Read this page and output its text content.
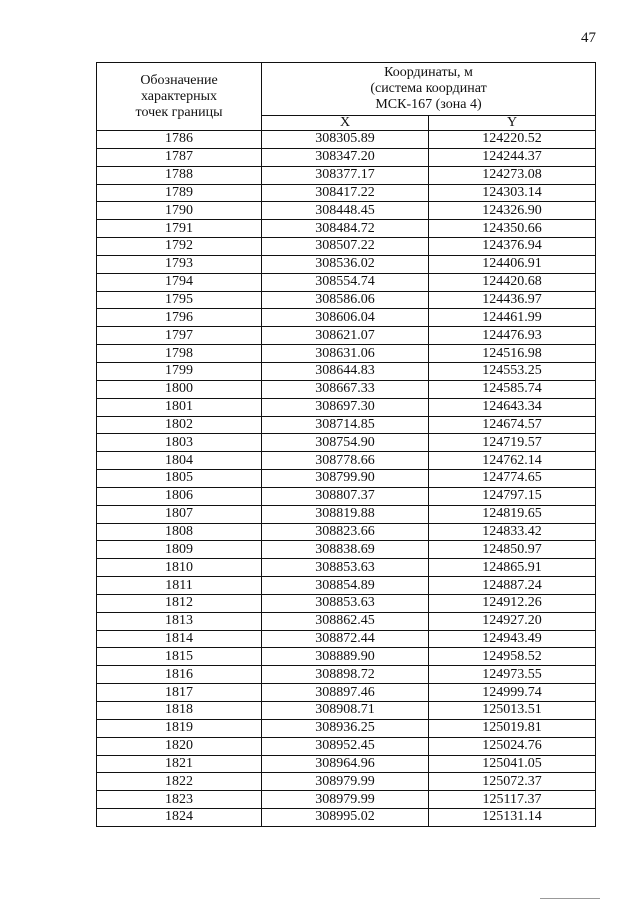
47
Обозначение
характерных
точек границы	Координаты, м
(система координат
МСК-167 (зона 4)	

	X	Y
1786	308305.89	124220.52
1787	308347.20	124244.37
1788	308377.17	124273.08
1789	308417.22	124303.14
1790	308448.45	124326.90
1791	308484.72	124350.66
1792	308507.22	124376.94
1793	308536.02	124406.91
1794	308554.74	124420.68
1795	308586.06	124436.97
1796	308606.04	124461.99
1797	308621.07	124476.93
1798	308631.06	124516.98
1799	308644.83	124553.25
1800	308667.33	124585.74
1801	308697.30	124643.34
1802	308714.85	124674.57
1803	308754.90	124719.57
1804	308778.66	124762.14
1805	308799.90	124774.65
1806	308807.37	124797.15
1807	308819.88	124819.65
1808	308823.66	124833.42
1809	308838.69	124850.97
1810	308853.63	124865.91
1811	308854.89	124887.24
1812	308853.63	124912.26
1813	308862.45	124927.20
1814	308872.44	124943.49
1815	308889.90	124958.52
1816	308898.72	124973.55
1817	308897.46	124999.74
1818	308908.71	125013.51
1819	308936.25	125019.81
1820	308952.45	125024.76
1821	308964.96	125041.05
1822	308979.99	125072.37
1823	308979.99	125117.37
1824	308995.02	125131.14
